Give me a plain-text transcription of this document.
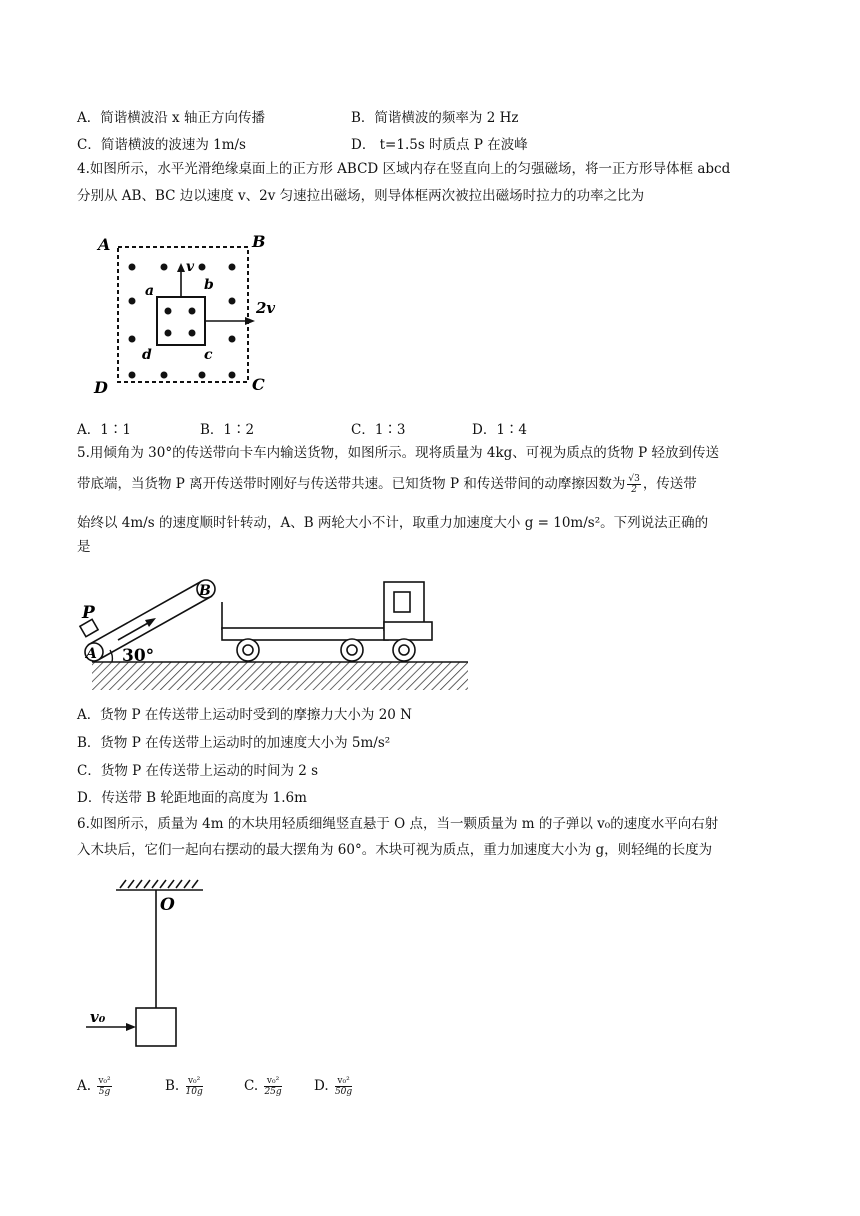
A．简谐横波沿 x 轴正方向传播	B．简谐横波的频率为 2 Hz
C．简谐横波的波速为 1m/s	D． t=1.5s 时质点 P 在波峰
4.如图所示，水平光滑绝缘桌面上的正方形 ABCD 区域内存在竖直向上的匀强磁场，将一正方形导体框 abcd
分别从 AB、BC 边以速度 v、2v 匀速拉出磁场，则导体框两次被拉出磁场时拉力的功率之比为
A	B
C
D
a	b
c
d
v
2v
A．1∶1	B．1∶2	C．1∶3	D．1∶4
5.用倾角为 30°的传送带向卡车内输送货物，如图所示。现将质量为 4kg、可视为质点的货物 P 轻放到传送
带底端，当货物 P 离开传送带时刚好与传送带共速。已知货物 P 和传送带间的动摩擦因数为 $\frac{√3}{2}$ ，传送带
始终以 4m/s 的速度顺时针转动，A、B 两轮大小不计，取重力加速度大小 g = 10m/s²。下列说法正确的
是
P
A
B
30°
A．货物 P 在传送带上运动时受到的摩擦力大小为 20 N
B．货物 P 在传送带上运动时的加速度大小为 5m/s²
C．货物 P 在传送带上运动的时间为 2 s
D．传送带 B 轮距地面的高度为 1.6m
6.如图所示，质量为 4m 的木块用轻质细绳竖直悬于 O 点，当一颗质量为 m 的子弹以 v₀的速度水平向右射
入木块后，它们一起向右摆动的最大摆角为 60°。木块可视为质点，重力加速度大小为 g，则轻绳的长度为
O
v₀
A. $\frac{\text{v₀²}}{5g}$	B. $\frac{\text{v₀²}}{10g}$	C. $\frac{\text{v₀²}}{25g} D$. $\frac{\text{v₀²}}{50g}$
